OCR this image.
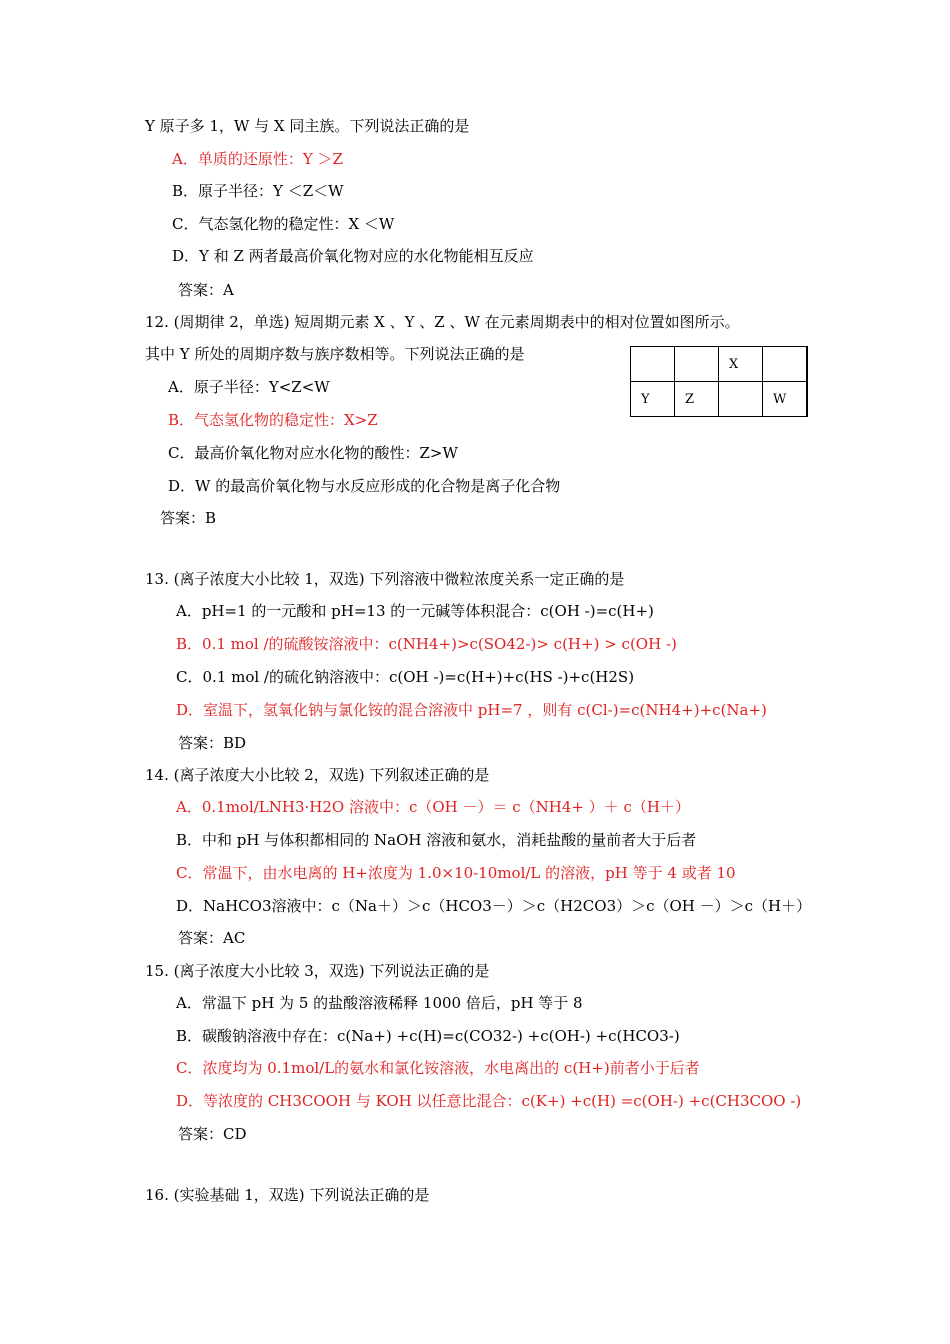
Y 原子多 1，W 与 X 同主族。下列说法正确的是
A．单质的还原性：Y ＞Z
B．原子半径：Y ＜Z＜W
C．气态氢化物的稳定性：X ＜W
D．Y 和 Z 两者最高价氧化物对应的水化物能相互反应
答案：A
12. (周期律 2，单选) 短周期元素 X 、Y 、Z 、W 在元素周期表中的相对位置如图所示。
其中 Y 所处的周期序数与族序数相等。下列说法正确的是
A．原子半径：Y<Z<W
B．气态氢化物的稳定性：X>Z
C．最高价氧化物对应水化物的酸性：Z>W
D．W 的最高价氧化物与水反应形成的化合物是离子化合物
答案：B
		X	
Y	Z		W
13. (离子浓度大小比较 1，双选) 下列溶液中微粒浓度关系一定正确的是
A．pH=1 的一元酸和 pH=13 的一元碱等体积混合：c(OH -)=c(H+)
B．0.1 mol /的硫酸铵溶液中：c(NH4+)>c(SO42-)> c(H+) > c(OH -)
C．0.1 mol /的硫化钠溶液中：c(OH -)=c(H+)+c(HS -)+c(H2S)
D．室温下，氢氧化钠与氯化铵的混合溶液中 pH=7 ，则有 c(Cl-)=c(NH4+)+c(Na+)
答案：BD
14. (离子浓度大小比较 2，双选) 下列叙述正确的是
A．0.1mol/LNH3·H2O 溶液中：c（OH －）＝ c（NH4+ ）＋ c（H＋）
B．中和 pH 与体积都相同的 NaOH 溶液和氨水，消耗盐酸的量前者大于后者
C．常温下，由水电离的 H+浓度为 1.0×10-10mol/L 的溶液，pH 等于 4 或者 10
D．NaHCO3溶液中：c（Na＋）＞c（HCO3－）＞c（H2CO3）＞c（OH －）＞c（H＋）
答案：AC
15. (离子浓度大小比较 3，双选) 下列说法正确的是
A．常温下 pH 为 5 的盐酸溶液稀释 1000 倍后，pH 等于 8
B．碳酸钠溶液中存在：c(Na+) +c(H)=c(CO32-) +c(OH-) +c(HCO3-)
C．浓度均为 0.1mol/L的氨水和氯化铵溶液，水电离出的 c(H+)前者小于后者
D．等浓度的 CH3COOH 与 KOH 以任意比混合：c(K+) +c(H) =c(OH-) +c(CH3COO -)
答案：CD
16. (实验基础 1，双选) 下列说法正确的是
